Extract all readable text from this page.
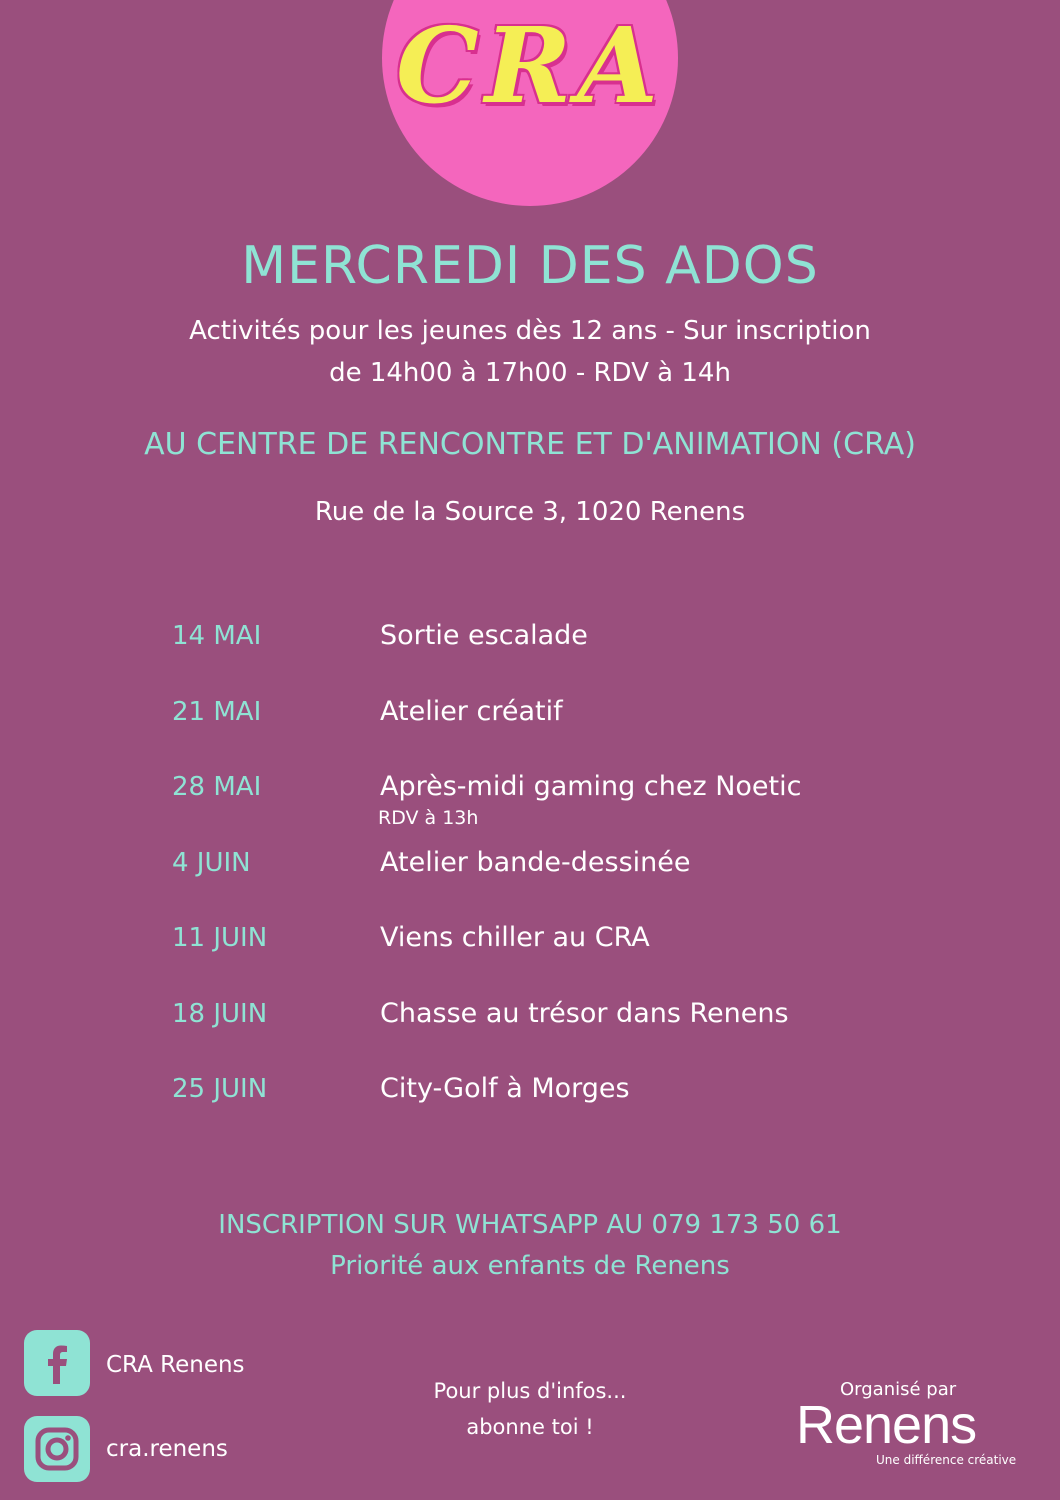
CRA
MERCREDI DES ADOS
Activités pour les jeunes dès 12 ans - Sur inscription
de 14h00 à 17h00 - RDV à 14h
AU CENTRE DE RENCONTRE ET D'ANIMATION (CRA)
Rue de la Source 3, 1020 Renens
14 MAI	Sortie escalade
21 MAI	Atelier créatif
28 MAI	Après-midi gaming chez Noetic
RDV à 13h
4 JUIN	Atelier bande-dessinée
11 JUIN	Viens chiller au CRA
18 JUIN	Chasse au trésor dans Renens
25 JUIN	City-Golf à Morges
INSCRIPTION SUR WHATSAPP AU 079 173 50 61
Priorité aux enfants de Renens
CRA Renens
cra.renens
Pour plus d'infos...
abonne toi !
Organisé par
Renens
Une différence créative
